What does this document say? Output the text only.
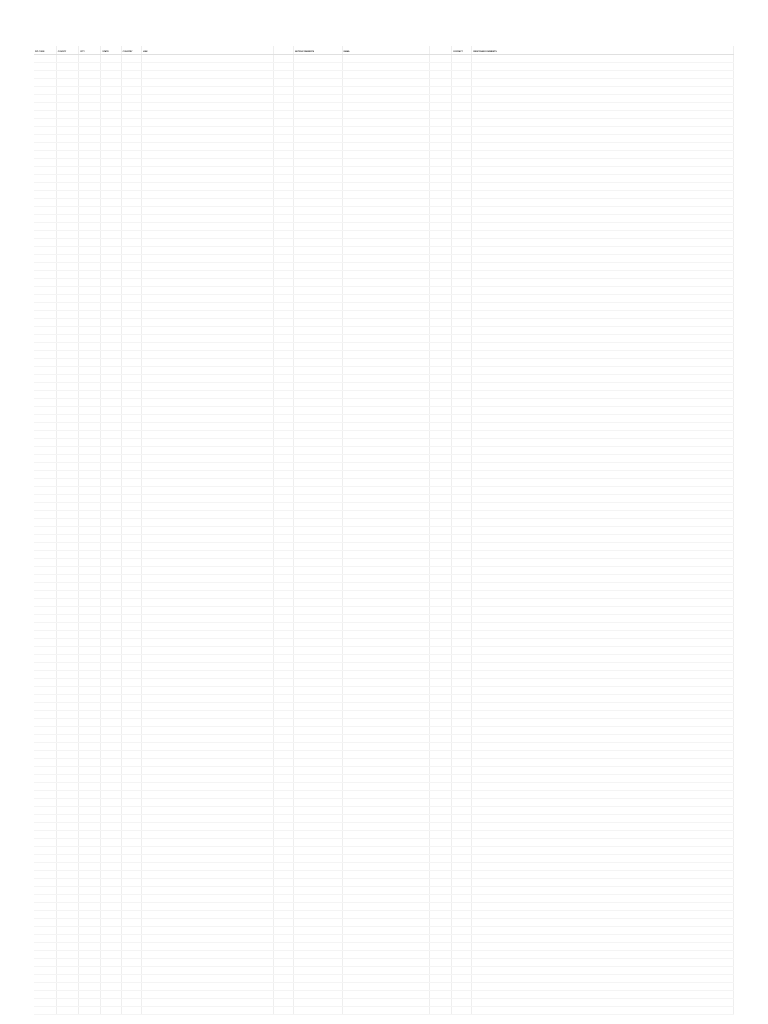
ZIP CODE	COUNTY	CITY	STATE	COUNTRY	LINK		NOTES/COMMENTS	EMAIL		CONTACT	RESPONSE/COMMENTS
